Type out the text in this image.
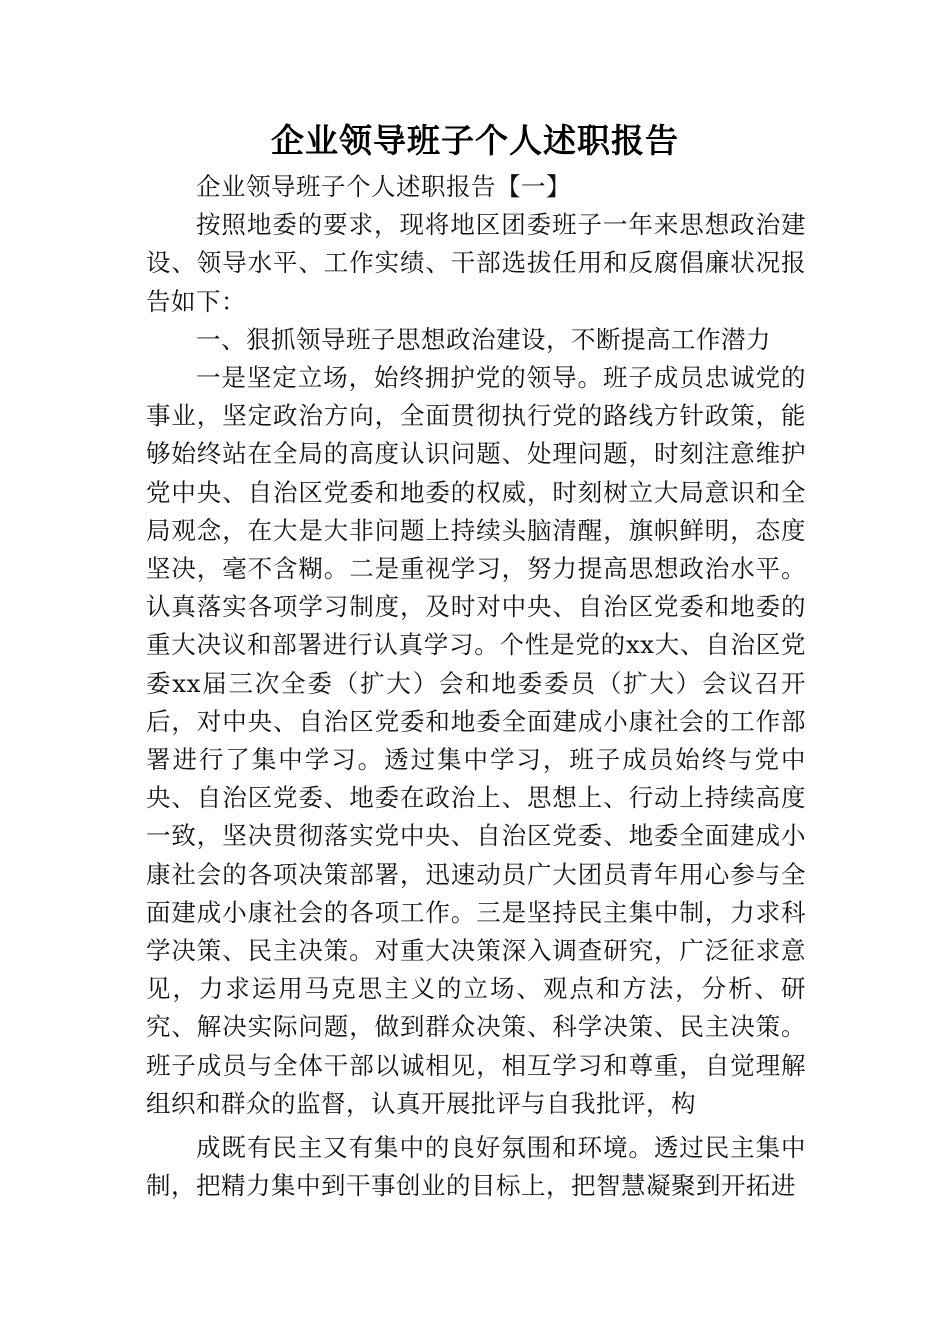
企业领导班子个人述职报告

企业领导班子个人述职报告【一】

按照地委的要求，现将地区团委班子一年来思想政治建设、领导水平、工作实绩、干部选拔任用和反腐倡廉状况报告如下：

一、狠抓领导班子思想政治建设，不断提高工作潜力

一是坚定立场，始终拥护党的领导。班子成员忠诚党的事业，坚定政治方向，全面贯彻执行党的路线方针政策，能够始终站在全局的高度认识问题、处理问题，时刻注意维护党中央、自治区党委和地委的权威，时刻树立大局意识和全局观念，在大是大非问题上持续头脑清醒，旗帜鲜明，态度坚决，毫不含糊。二是重视学习，努力提高思想政治水平。认真落实各项学习制度，及时对中央、自治区党委和地委的重大决议和部署进行认真学习。个性是党的xx大、自治区党委xx届三次全委（扩大）会和地委委员（扩大）会议召开后，对中央、自治区党委和地委全面建成小康社会的工作部署进行了集中学习。透过集中学习，班子成员始终与党中央、自治区党委、地委在政治上、思想上、行动上持续高度一致，坚决贯彻落实党中央、自治区党委、地委全面建成小康社会的各项决策部署，迅速动员广大团员青年用心参与全面建成小康社会的各项工作。三是坚持民主集中制，力求科学决策、民主决策。对重大决策深入调查研究，广泛征求意见，力求运用马克思主义的立场、观点和方法，分析、研究、解决实际问题，做到群众决策、科学决策、民主决策。班子成员与全体干部以诚相见，相互学习和尊重，自觉理解组织和群众的监督，认真开展批评与自我批评，构

成既有民主又有集中的良好氛围和环境。透过民主集中制，把精力集中到干事创业的目标上，把智慧凝聚到开拓进
